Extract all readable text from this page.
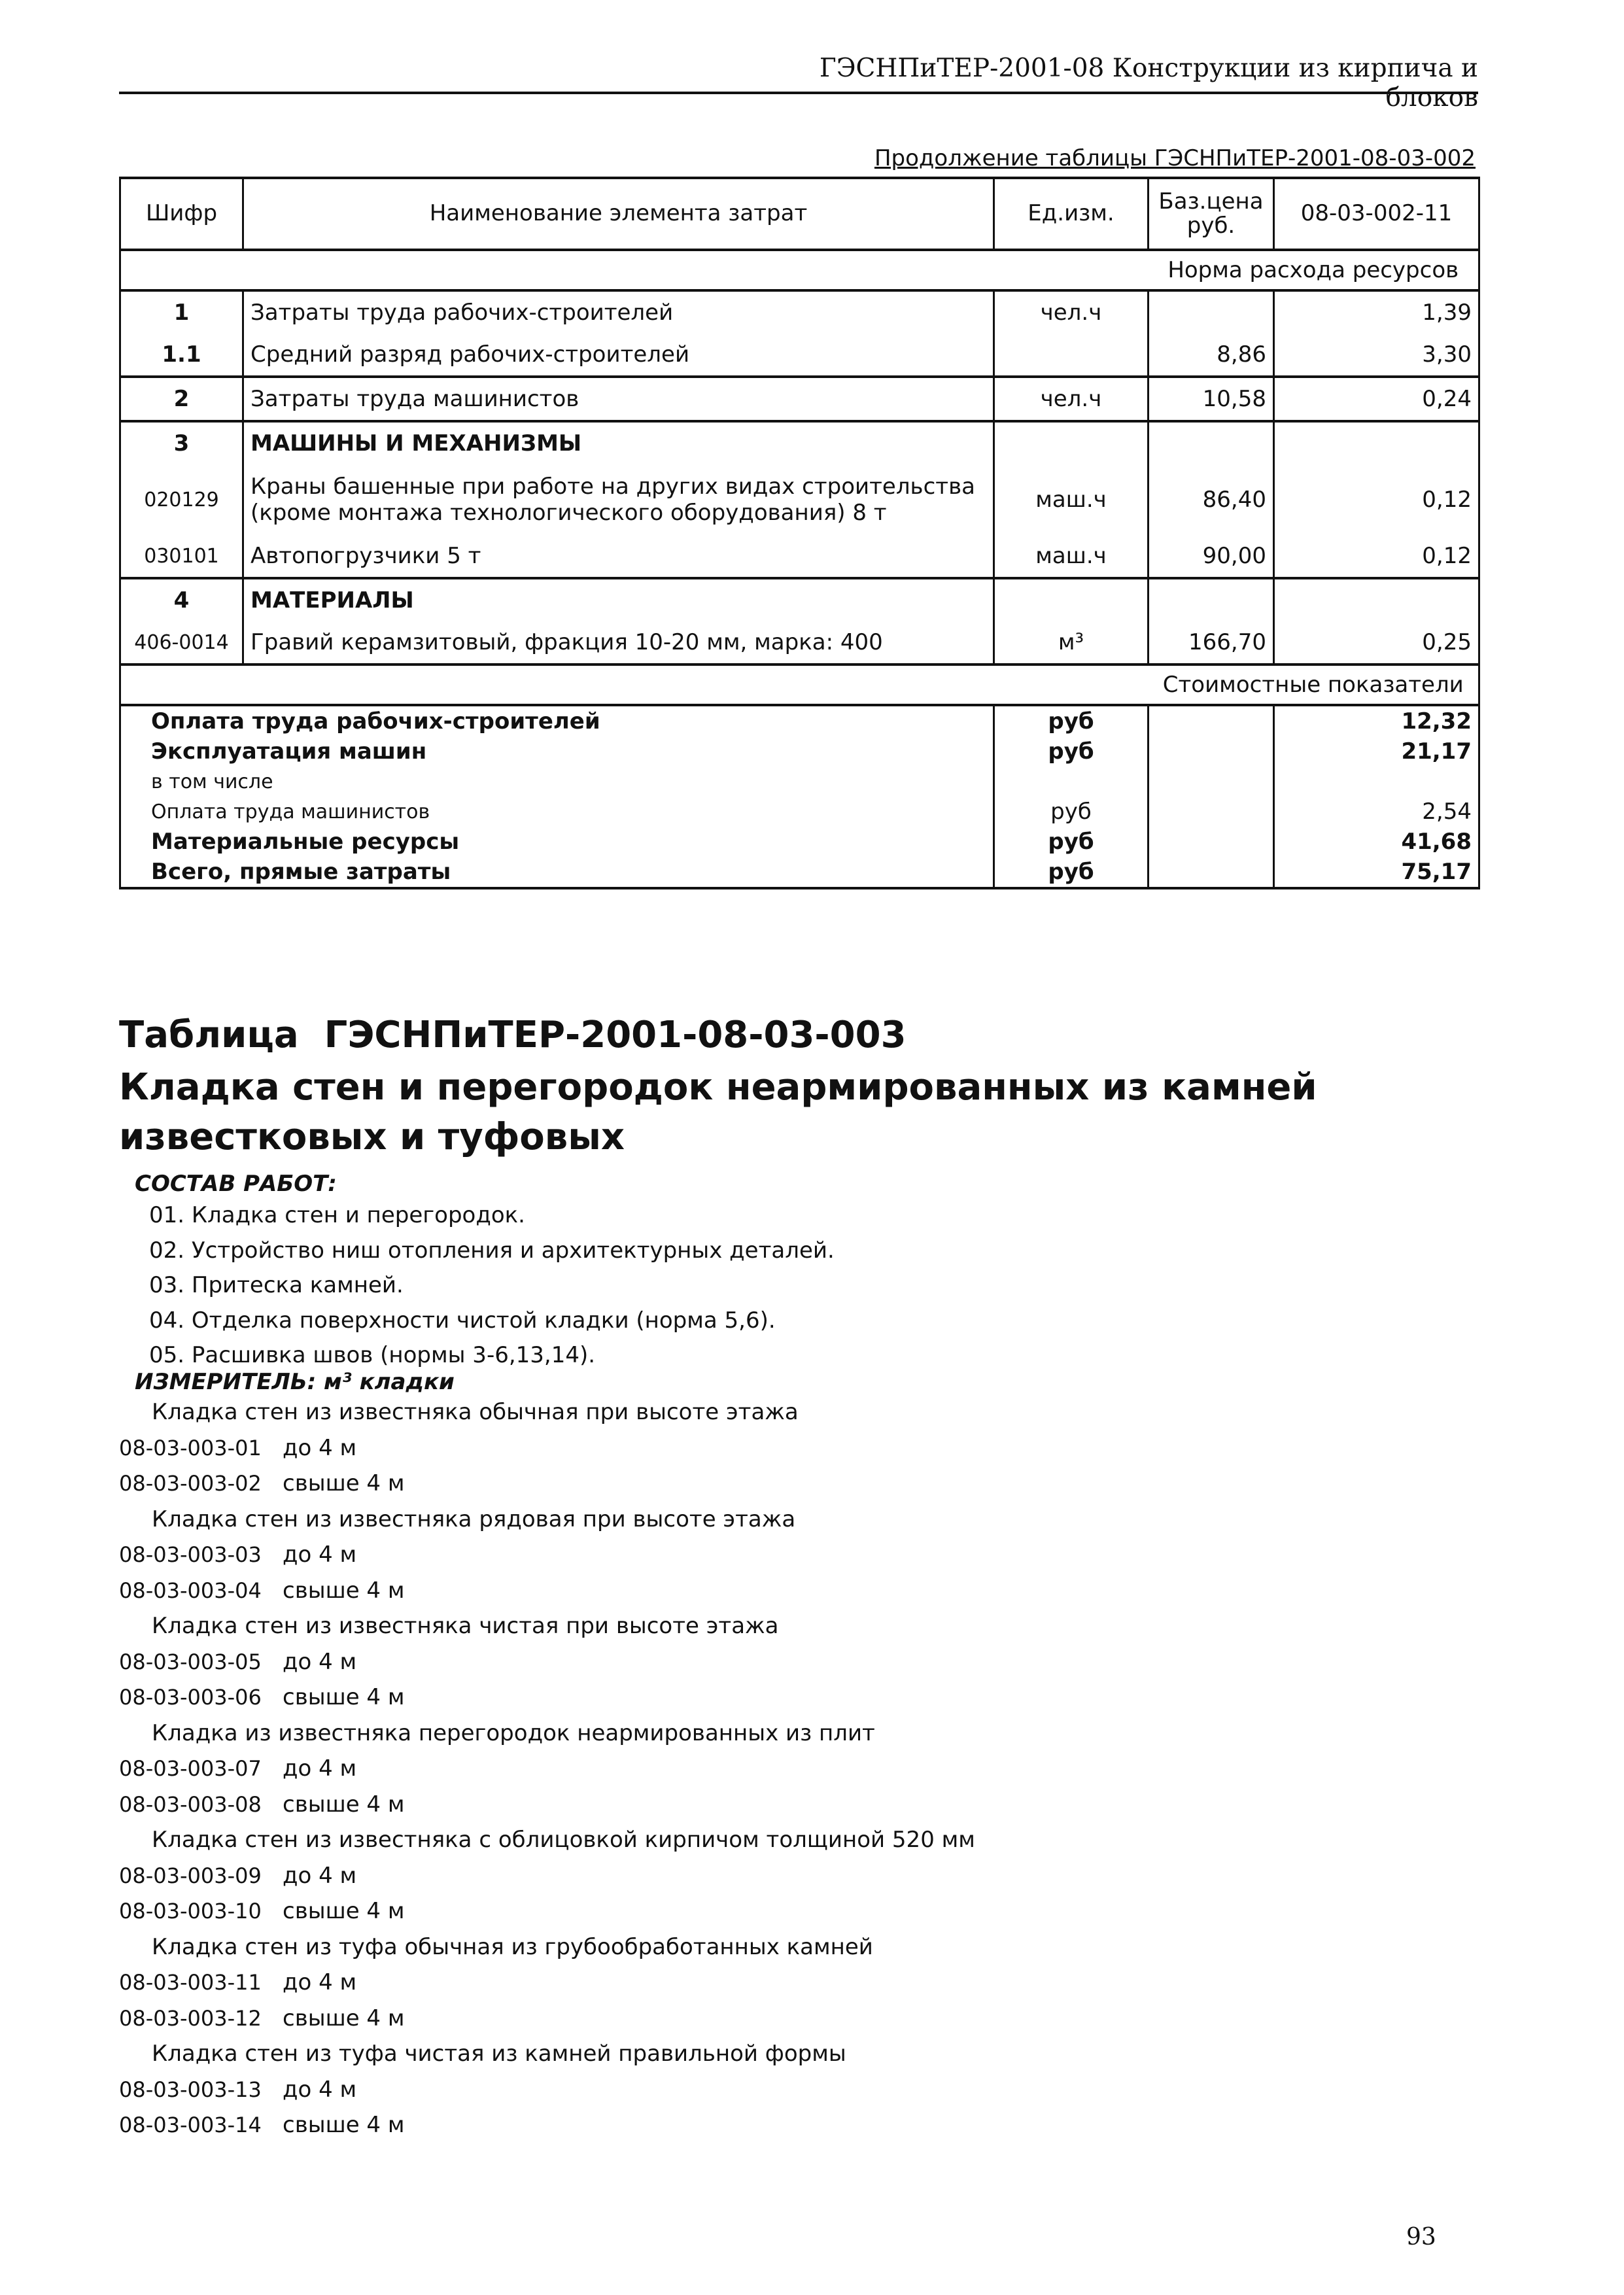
ГЭСНПиТЕР-2001-08 Конструкции из кирпича и блоков
Продолжение таблицы ГЭСНПиТЕР-2001-08-03-002
Шифр	Наименование элемента затрат	Ед.изм.	Баз.цена руб.	08-03-002-11
			Норма расхода ресурсов	
1	Затраты труда рабочих-строителей	чел.ч		1,39
1.1	Средний разряд рабочих-строителей		8,86	3,30
2	Затраты труда машинистов	чел.ч	10,58	0,24
3	МАШИНЫ И МЕХАНИЗМЫ			
020129	Краны башенные при работе на других видах строительства (кроме монтажа технологического оборудования) 8 т	маш.ч	86,40	0,12
030101	Автопогрузчики 5 т	маш.ч	90,00	0,12
4	МАТЕРИАЛЫ			
406-0014	Гравий керамзитовый, фракция 10-20 мм, марка: 400	м³	166,70	0,25
			Стоимостные показатели	
Оплата труда рабочих-строителей		руб		12,32
Эксплуатация машин		руб		21,17
в том числе				
Оплата труда машинистов		руб		2,54
Материальные ресурсы		руб		41,68
Всего, прямые затраты		руб		75,17
Таблица ГЭСНПиТЕР-2001-08-03-003
Кладка стен и перегородок неармированных из камней известковых и туфовых
СОСТАВ РАБОТ:
01. Кладка стен и перегородок.
02. Устройство ниш отопления и архитектурных деталей.
03. Притеска камней.
04. Отделка поверхности чистой кладки (норма 5,6).
05. Расшивка швов (нормы 3-6,13,14).
ИЗМЕРИТЕЛЬ: м³ кладки
Кладка стен из известняка обычная при высоте этажа
08-03-003-01 до 4 м
08-03-003-02 свыше 4 м
Кладка стен из известняка рядовая при высоте этажа
08-03-003-03 до 4 м
08-03-003-04 свыше 4 м
Кладка стен из известняка чистая при высоте этажа
08-03-003-05 до 4 м
08-03-003-06 свыше 4 м
Кладка из известняка перегородок неармированных из плит
08-03-003-07 до 4 м
08-03-003-08 свыше 4 м
Кладка стен из известняка с облицовкой кирпичом толщиной 520 мм
08-03-003-09 до 4 м
08-03-003-10 свыше 4 м
Кладка стен из туфа обычная из грубообработанных камней
08-03-003-11 до 4 м
08-03-003-12 свыше 4 м
Кладка стен из туфа чистая из камней правильной формы
08-03-003-13 до 4 м
08-03-003-14 свыше 4 м
93
